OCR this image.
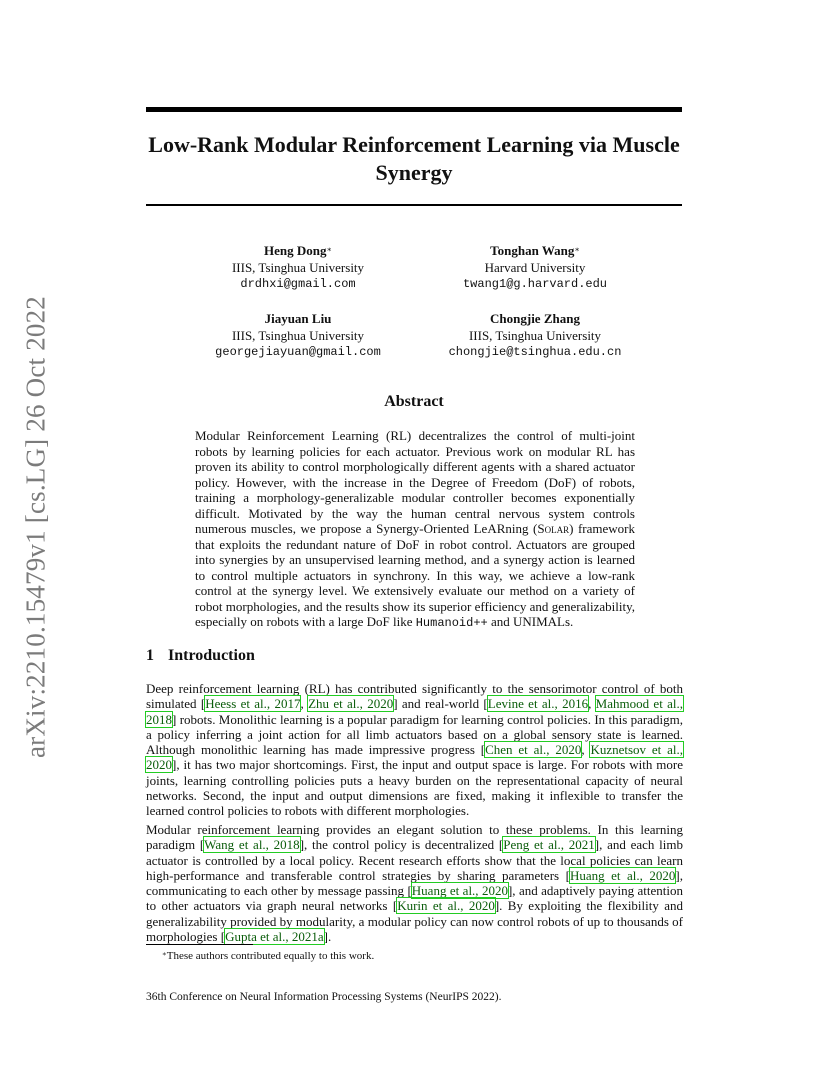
arXiv:2210.15479v1 [cs.LG] 26 Oct 2022
Low-Rank Modular Reinforcement Learning via Muscle Synergy
Heng Dong∗
IIIS, Tsinghua University
drdhxi@gmail.com
Tonghan Wang∗
Harvard University
twang1@g.harvard.edu
Jiayuan Liu
IIIS, Tsinghua University
georgejiayuan@gmail.com
Chongjie Zhang
IIIS, Tsinghua University
chongjie@tsinghua.edu.cn
Abstract

Modular Reinforcement Learning (RL) decentralizes the control of multi-joint robots by learning policies for each actuator. Previous work on modular RL has proven its ability to control morphologically different agents with a shared actuator policy. However, with the increase in the Degree of Freedom (DoF) of robots, training a morphology-generalizable modular controller becomes exponentially difficult. Motivated by the way the human central nervous system controls numerous muscles, we propose a Synergy-Oriented LeARning (Solar) framework that exploits the redundant nature of DoF in robot control. Actuators are grouped into synergies by an unsupervised learning method, and a synergy action is learned to control multiple actuators in synchrony. In this way, we achieve a low-rank control at the synergy level. We extensively evaluate our method on a variety of robot morphologies, and the results show its superior efficiency and generalizability, especially on robots with a large DoF like Humanoid++ and UNIMALs.

1 Introduction

Deep reinforcement learning (RL) has contributed significantly to the sensorimotor control of both simulated [Heess et al., 2017, Zhu et al., 2020] and real-world [Levine et al., 2016, Mahmood et al., 2018] robots. Monolithic learning is a popular paradigm for learning control policies. In this paradigm, a policy inferring a joint action for all limb actuators based on a global sensory state is learned. Although monolithic learning has made impressive progress [Chen et al., 2020, Kuznetsov et al., 2020], it has two major shortcomings. First, the input and output space is large. For robots with more joints, learning controlling policies puts a heavy burden on the representational capacity of neural networks. Second, the input and output dimensions are fixed, making it inflexible to transfer the learned control policies to robots with different morphologies.

Modular reinforcement learning provides an elegant solution to these problems. In this learning paradigm [Wang et al., 2018], the control policy is decentralized [Peng et al., 2021], and each limb actuator is controlled by a local policy. Recent research efforts show that the local policies can learn high-performance and transferable control strategies by sharing parameters [Huang et al., 2020], communicating to each other by message passing [Huang et al., 2020], and adaptively paying attention to other actuators via graph neural networks [Kurin et al., 2020]. By exploiting the flexibility and generalizability provided by modularity, a modular policy can now control robots of up to thousands of morphologies [Gupta et al., 2021a].

∗These authors contributed equally to this work.

36th Conference on Neural Information Processing Systems (NeurIPS 2022).
